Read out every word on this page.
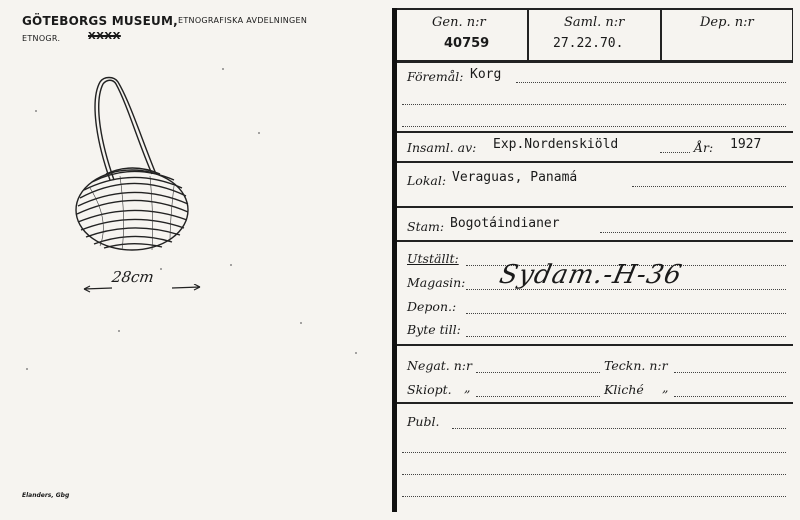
GÖTEBORGS MUSEUM, ETNOGRAFISKA AVDELNINGEN
ETNOGR.	XXXX
28cm
Elanders, Gbg
Gen. n:r
40759
Saml. n:r
27.22.70.
Dep. n:r
Föremål: Korg
Insaml. av: Exp.Nordenskiöld	År: 1927
Lokal: Veraguas, Panamá
Stam: Bogotáindianer
Utställt:
Magasin: Sydam.-H-36
Depon.:
Byte till:
Negat. n:r	Teckn. n:r
Skiopt. „	Kliché „
Publ.
